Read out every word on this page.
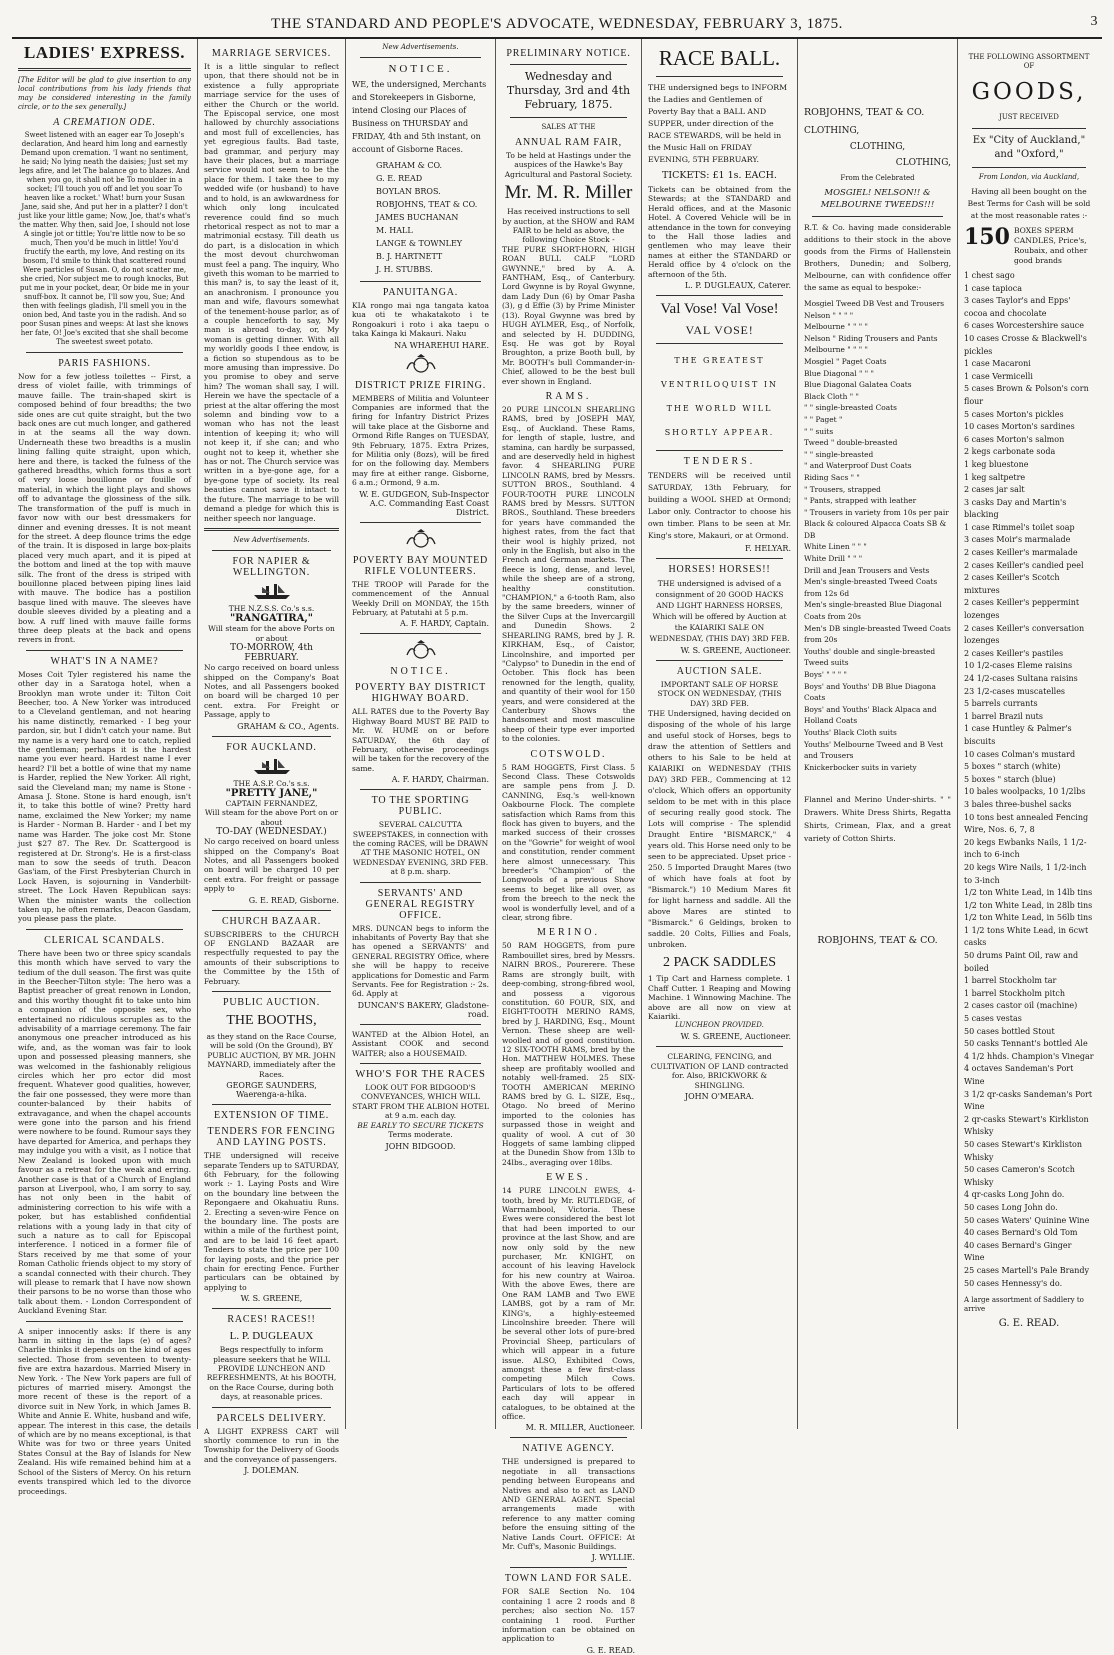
THE STANDARD AND PEOPLE'S ADVOCATE, WEDNESDAY, FEBRUARY 3, 1875.	3
LADIES' EXPRESS.
[The Editor will be glad to give insertion to any local contributions from his lady friends that may be considered interesting in the family circle, or to the sex generally.]
A CREMATION ODE.
Sweet listened with an eager ear To Joseph's declaration, And heard him long and earnestly Demand upon cremation. 'I want no sentiment, he said; No lying neath the daisies; Just set my legs afire, and let The balance go to blazes. And when you go, it shall not be To moulder in a socket; I'll touch you off and let you soar To heaven like a rocket.' What! burn your Susan Jane, said she, And put her in a platter? I don't just like your little game; Now, Joe, that's what's the matter. Why then, said Joe, I should not lose A single jot or tittle; You're little now to be so much, Then you'd be much in little! You'd fructify the earth, my love, And resting on its bosom, I'd smile to think that scattered round Were particles of Susan. O, do not scatter me, she cried, Nor subject me to rough knocks, But put me in your pocket, dear, Or bide me in your snuff-box. It cannot be, I'll sow you, Sue; And then with feelings gladish, I'll smell you in the onion bed, And taste you in the radish. And so poor Susan pines and weeps: At last she knows her fate, O! Joe's excited that she shall become The sweetest sweet potato.
PARIS FASHIONS.
Now for a few jotless toilettes -- First, a dress of violet faille, with trimmings of mauve faille. The train-shaped skirt is composed behind of four breadths; the two side ones are cut quite straight, but the two back ones are cut much longer, and gathered in at the seams all the way down. Underneath these two breadths is a muslin lining falling quite straight, upon which, here and there, is tacked the fulness of the gathered breadths, which forms thus a sort of very loose bouillonne or fouille of material, in which the light plays and shows off to advantage the glossiness of the silk. The transformation of the puff is much in favor now with our best dressmakers for dinner and evening dresses. It is not meant for the street. A deep flounce trims the edge of the train. It is disposed in large box-plaits placed very much apart, and it is piped at the bottom and lined at the top with mauve silk. The front of the dress is striped with bouillonne placed between piping lines laid with mauve. The bodice has a postilion basque lined with mauve. The sleeves have double sleeves divided by a pleating and a bow. A ruff lined with mauve faille forms three deep pleats at the back and opens revers in front.
WHAT'S IN A NAME?
Moses Coit Tyler registered his name the other day in a Saratoga hotel, when a Brooklyn man wrote under it: Tilton Coit Beecher, too. A New Yorker was introduced to a Cleveland gentleman, and not hearing his name distinctly, remarked - I beg your pardon, sir, but I didn't catch your name. But my name is a very hard one to catch, replied the gentleman; perhaps it is the hardest name you ever heard. Hardest name I ever heard? I'll bet a bottle of wine that my name is Harder, replied the New Yorker. All right, said the Cleveland man; my name is Stone - Amasa J. Stone. Stone is hard enough, isn't it, to take this bottle of wine? Pretty hard name, exclaimed the New Yorker; my name is Harder - Norman B. Harder - and I bet my name was Harder. The joke cost Mr. Stone just $27 87. The Rev. Dr. Scattergood is registered at Dr. Strong's. He is a first-class man to sow the seeds of truth. Deacon Gas'iam, of the First Presbyterian Church in Lock Haven, is sojourning in Vanderbilt-street. The Lock Haven Republican says: When the minister wants the collection taken up, he often remarks, Deacon Gasdam, you please pass the plate.
CLERICAL SCANDALS.
There have been two or three spicy scandals this month which have served to vary the tedium of the dull season. The first was quite in the Beecher-Tilton style: The hero was a Baptist preacher of great renown in London, and this worthy thought fit to take unto him a companion of the opposite sex, who entertained no ridiculous scruples as to the advisability of a marriage ceremony. The fair anonymous one preacher introduced as his wife, and, as the woman was fair to look upon and possessed pleasing manners, she was welcomed in the fashionably religious circles which her pro ector did most frequent. Whatever good qualities, however, the fair one possessed, they were more than counter-balanced by their habits of extravagance, and when the chapel accounts were gone into the parson and his friend were nowhere to be found. Rumour says they have departed for America, and perhaps they may indulge you with a visit, as I notice that New Zealand is looked upon with much favour as a retreat for the weak and erring. Another case is that of a Church of England parson at Liverpool, who, I am sorry to say, has not only been in the habit of administering correction to his wife with a poker, but has established confidential relations with a young lady in that city of such a nature as to call for Episcopal interference. I noticed in a former file of Stars received by me that some of your Roman Catholic friends object to my story of a scandal connected with their church. They will please to remark that I have now shown their parsons to be no worse than those who talk about them. - London Correspondent of Auckland Evening Star.
A sniper innocently asks: If there is any harm in sitting in the laps (e) of ages? Charlie thinks it depends on the kind of ages selected. Those from seventeen to twenty-five are extra hazardous. Married Misery in New York. - The New York papers are full of pictures of married misery. Amongst the more recent of these is the report of a divorce suit in New York, in which James B. White and Annie E. White, husband and wife, appear. The interest in this case, the details of which are by no means exceptional, is that White was for two or three years United States Consul at the Bay of Islands for New Zealand. His wife remained behind him at a School of the Sisters of Mercy. On his return events transpired which led to the divorce proceedings.
MARRIAGE SERVICES.
It is a little singular to reflect upon, that there should not be in existence a fully appropriate marriage service for the uses of either the Church or the world. The Episcopal service, one most hallowed by churchly associations and most full of excellencies, has yet egregious faults. Bad taste, bad grammar, and perjury may have their places, but a marriage service would not seem to be the place for them. I take thee to my wedded wife (or husband) to have and to hold, is an awkwardness for which only long inculcated reverence could find so much rhetorical respect as not to mar a matrimonial ecstasy. Till death us do part, is a dislocation in which the most devout churchwoman must feel a pang. The inquiry, Who giveth this woman to be married to this man? is, to say the least of it, an anachronism. I pronounce you man and wife, flavours somewhat of the tenement-house parlor, as of a couple henceforth to say, My man is abroad to-day, or, My woman is getting dinner. With all my worldly goods I thee endow, is a fiction so stupendous as to be more amusing than impressive. Do you promise to obey and serve him? The woman shall say, I will. Herein we have the spectacle of a priest at the altar offering the most solemn and binding vow to a woman who has not the least intention of keeping it; who will not keep it, if she can; and who ought not to keep it, whether she has or not. The Church service was written in a bye-gone age, for a bye-gone type of society. Its real beauties cannot save it intact to the future. The marriage to be will demand a pledge for which this is neither speech nor language.
New Advertisements.
FOR NAPIER & WELLINGTON.
THE N.Z.S.S. Co.'s s.s.
"RANGATIRA,"
Will steam for the above Ports on or about
TO-MORROW, 4th FEBRUARY.
No cargo received on board unless shipped on the Company's Boat Notes, and all Passengers booked on board will be charged 10 per cent. extra. For Freight or Passage, apply to
GRAHAM & CO., Agents.
FOR AUCKLAND.
THE A.S.P. Co.'s s.s.
"PRETTY JANE,"
CAPTAIN FERNANDEZ,
Will steam for the above Port on or about
TO-DAY (WEDNESDAY.)
No cargo received on board unless shipped on the Company's Boat Notes, and all Passengers booked on board will be charged 10 per cent extra. For freight or passage apply to
G. E. READ, Gisborne.
CHURCH BAZAAR.
SUBSCRIBERS to the CHURCH OF ENGLAND BAZAAR are respectfully requested to pay the amounts of their subscriptions to the Committee by the 15th of February.
PUBLIC AUCTION.
THE BOOTHS,
as they stand on the Race Course, will be sold (On the Ground), BY PUBLIC AUCTION, BY MR. JOHN MAYNARD, immediately after the Races.
GEORGE SAUNDERS, Waerenga-a-hika.
EXTENSION OF TIME.
TENDERS FOR FENCING AND LAYING POSTS.
THE undersigned will receive separate Tenders up to SATURDAY, 6th February, for the following work :- 1. Laying Posts and Wire on the boundary line between the Repongaere and Okahuatiu Runs. 2. Erecting a seven-wire Fence on the boundary line. The posts are within a mile of the furthest point, and are to be laid 16 feet apart. Tenders to state the price per 100 for laying posts, and the price per chain for erecting Fence. Further particulars can be obtained by applying to
W. S. GREENE,
RACES! RACES!!
L. P. DUGLEAUX
Begs respectfully to inform pleasure seekers that he WILL PROVIDE LUNCHEON AND REFRESHMENTS, At his BOOTH, on the Race Course, during both days, at reasonable prices.
PARCELS DELIVERY.
A LIGHT EXPRESS CART will shortly commence to run in the Township for the Delivery of Goods and the conveyance of passengers.
J. DOLEMAN.
New Advertisements.
NOTICE.
WE, the undersigned, Merchants and Storekeepers in Gisborne, intend Closing our Places of Business on THURSDAY and FRIDAY, 4th and 5th instant, on account of Gisborne Races.
GRAHAM & CO.
G. E. READ
BOYLAN BROS.
ROBJOHNS, TEAT & CO.
JAMES BUCHANAN
M. HALL
LANGE & TOWNLEY
B. J. HARTNETT
J. H. STUBBS.
PANUITANGA.
KIA rongo mai nga tangata katoa kua oti te whakatakoto i te Rongoakuri i roto i aka taepu o taka Kainga ki Makauri. Naku
NA WHAREHUI HARE.
DISTRICT PRIZE FIRING.
MEMBERS of Militia and Volunteer Companies are informed that the firing for Infantry District Prizes will take place at the Gisborne and Ormond Rifle Ranges on TUESDAY, 9th February, 1875. Extra Prizes, for Militia only (8ozs), will be fired for on the following day. Members may fire at either range. Gisborne, 6 a.m.; Ormond, 9 a.m.
W. E. GUDGEON, Sub-Inspector A.C. Commanding East Coast District.
POVERTY BAY MOUNTED RIFLE VOLUNTEERS.
THE TROOP will Parade for the commencement of the Annual Weekly Drill on MONDAY, the 15th February, at Patutahi at 5 p.m.
A. F. HARDY, Captain.
NOTICE.
POVERTY BAY DISTRICT HIGHWAY BOARD.
ALL RATES due to the Poverty Bay Highway Board MUST BE PAID to Mr. W. HUME on or before SATURDAY, the 6th day of February, otherwise proceedings will be taken for the recovery of the same.
A. F. HARDY, Chairman.
TO THE SPORTING PUBLIC.
SEVERAL CALCUTTA SWEEPSTAKES, in connection with the coming RACES, will be DRAWN AT THE MASONIC HOTEL, ON WEDNESDAY EVENING, 3RD FEB. at 8 p.m. sharp.
SERVANTS' AND GENERAL REGISTRY OFFICE.
MRS. DUNCAN begs to inform the inhabitants of Poverty Bay that she has opened a SERVANTS' and GENERAL REGISTRY Office, where she will be happy to receive applications for Domestic and Farm Servants. Fee for Registration :- 2s. 6d. Apply at
DUNCAN'S BAKERY, Gladstone-road.
WANTED at the Albion Hotel, an Assistant COOK and second WAITER; also a HOUSEMAID.
WHO'S FOR THE RACES
LOOK OUT FOR BIDGOOD'S CONVEYANCES, WHICH WILL START FROM THE ALBION HOTEL at 9 a.m. each day.
BE EARLY TO SECURE TICKETS
Terms moderate.
JOHN BIDGOOD.
PRELIMINARY NOTICE.
Wednesday and Thursday, 3rd and 4th February, 1875.
SALES AT THE
ANNUAL RAM FAIR,
To be held at Hastings under the auspices of the Hawke's Bay Agricultural and Pastoral Society.
Mr. M. R. Miller
Has received instructions to sell by auction, at the SHOW and RAM FAIR to be held as above, the following Choice Stock -
THE PURE SHORT-HORN, HIGH ROAN BULL CALF "LORD GWYNNE," bred by A. A. FANTHAM, Esq., of Canterbury. Lord Gwynne is by Royal Gwynne, dam Lady Dun (6) by Omar Pasha (3), g d Effie (3) by Prime Minister (13). Royal Gwynne was bred by HUGH AYLMER, Esq., of Norfolk, and selected by H. DUDDING, Esq. He was got by Royal Broughton, a prize Booth bull, by Mr. BOOTH's bull Commander-in-Chief, allowed to be the best bull ever shown in England.
RAMS.
20 PURE LINCOLN SHEARLING RAMS, bred by JOSEPH MAY, Esq., of Auckland. These Rams, for length of staple, lustre, and stamina, can hardly be surpassed, and are deservedly held in highest favor. 4 SHEARLING PURE LINCOLN RAMS, bred by Messrs. SUTTON BROS., Southland. 4 FOUR-TOOTH PURE LINCOLN RAMS bred by Messrs. SUTTON BROS., Southland. These breeders for years have commanded the highest rates, from the fact that their wool is highly prized, not only in the English, but also in the French and German markets. The fleece is long, dense, and level, while the sheep are of a strong, healthy constitution. "CHAMPION," a 6-tooth Ram, also by the same breeders, winner of the Silver Cups at the Invercargill and Dunedin Shows. 2 SHEARLING RAMS, bred by J. R. KIRKHAM, Esq., of Caistor, Lincolnshire, and imported per "Calypso" to Dunedin in the end of October. This flock has been renowned for the length, quality, and quantity of their wool for 150 years, and were considered at the Canterbury Shows the handsomest and most masculine sheep of their type ever imported to the colonies.
COTSWOLD.
5 RAM HOGGETS, First Class. 5 Second Class. These Cotswolds are sample pens from J. D. CANNING, Esq.'s well-known Oakbourne Flock. The complete satisfaction which Rams from this flock has given to buyers, and the marked success of their crosses on the "Gowrie" for weight of wool and constitution, render comment here almost unnecessary. This breeder's "Champion" of the Longwools of a previous Show seems to beget like all over, as from the breech to the neck the wool is wonderfully level, and of a clear, strong fibre.
MERINO.
50 RAM HOGGETS, from pure Rambouillet sires, bred by Messrs. NAIRN BROS., Pourerere. These Rams are strongly built, with deep-combing, strong-fibred wool, and possess a vigorous constitution. 60 FOUR, SIX, and EIGHT-TOOTH MERINO RAMS, bred by J. HARDING, Esq., Mount Vernon. These sheep are well-woolled and of good constitution. 12 SIX-TOOTH RAMS, bred by the Hon. MATTHEW HOLMES. These sheep are profitably woolled and notably well-framed. 25 SIX-TOOTH AMERICAN MERINO RAMS bred by G. L. SIZE, Esq., Otago. No breed of Merino imported to the colonies has surpassed those in weight and quality of wool. A cut of 30 Hoggets of same lambing clipped at the Dunedin Show from 13lb to 24lbs., averaging over 18lbs.
EWES.
14 PURE LINCOLN EWES, 4-tooth, bred by Mr. RUTLEDGE, of Warrnambool, Victoria. These Ewes were considered the best lot that had been imported to our province at the last Show, and are now only sold by the new purchaser, Mr. KNIGHT, on account of his leaving Havelock for his new country at Wairoa. With the above Ewes, there are One RAM LAMB and Two EWE LAMBS, got by a ram of Mr. KING's, a highly-esteemed Lincolnshire breeder. There will be several other lots of pure-bred Provincial Sheep, particulars of which will appear in a future issue. ALSO, Exhibited Cows, amongst these a few first-class competing Milch Cows. Particulars of lots to be offered each day will appear in catalogues, to be obtained at the office.
M. R. MILLER, Auctioneer.
NATIVE AGENCY.
THE undersigned is prepared to negotiate in all transactions pending between Europeans and Natives and also to act as LAND AND GENERAL AGENT. Special arrangements made with reference to any matter coming before the ensuing sitting of the Native Lands Court. OFFICE: At Mr. Cuff's, Masonic Buildings.
J. WYLLIE.
TOWN LAND FOR SALE.
FOR SALE Section No. 104 containing 1 acre 2 roods and 8 perches; also section No. 157 containing 1 rood. Further information can be obtained on application to
G. E. READ.
RACE BALL.
THE undersigned begs to INFORM the Ladies and Gentlemen of Poverty Bay that a BALL AND SUPPER, under direction of the RACE STEWARDS, will be held in the Music Hall on FRIDAY EVENING, 5TH FEBRUARY.
TICKETS: £1 1s. EACH.
Tickets can be obtained from the Stewards; at the STANDARD and Herald offices, and at the Masonic Hotel. A Covered Vehicle will be in attendance in the town for conveying to the Hall those ladies and gentlemen who may leave their names at either the STANDARD or Herald office by 4 o'clock on the afternoon of the 5th.
L. P. DUGLEAUX, Caterer.
Val Vose! Val Vose!
VAL VOSE!
THE GREATEST VENTRILOQUIST IN THE WORLD WILL SHORTLY APPEAR.
TENDERS.
TENDERS will be received until SATURDAY, 13th February, for building a WOOL SHED at Ormond; Labor only. Contractor to choose his own timber. Plans to be seen at Mr. King's store, Makauri, or at Ormond.
F. HELYAR.
HORSES! HORSES!!
THE undersigned is advised of a consignment of 20 GOOD HACKS AND LIGHT HARNESS HORSES, Which will be offered by Auction at the KAIARIKI SALE ON WEDNESDAY, (THIS DAY) 3RD FEB.
W. S. GREENE, Auctioneer.
AUCTION SALE.
IMPORTANT SALE OF HORSE STOCK ON WEDNESDAY, (THIS DAY) 3RD FEB.
THE Undersigned, having decided on disposing of the whole of his large and useful stock of Horses, begs to draw the attention of Settlers and others to his Sale to be held at KAIARIKI on WEDNESDAY (THIS DAY) 3RD FEB., Commencing at 12 o'clock, Which offers an opportunity seldom to be met with in this place of securing really good stock. The Lots will comprise - The splendid Draught Entire "BISMARCK," 4 years old. This Horse need only to be seen to be appreciated. Upset price - 250. 5 Imported Draught Mares (two of which have foals at foot by "Bismarck.") 10 Medium Mares fit for light harness and saddle. All the above Mares are stinted to "Bismarck." 6 Geldings, broken to saddle. 20 Colts, Fillies and Foals, unbroken.
2 PACK SADDLES
1 Tip Cart and Harness complete. 1 Chaff Cutter. 1 Reaping and Mowing Machine. 1 Winnowing Machine. The above are all now on view at Kaiariki.
LUNCHEON PROVIDED.
W. S. GREENE, Auctioneer.
CLEARING, FENCING, and CULTIVATION OF LAND contracted for. Also, BRICKWORK & SHINGLING.
JOHN O'MEARA.
ROBJOHNS, TEAT & CO.
CLOTHING,
CLOTHING,
CLOTHING,
From the Celebrated
MOSGIEL! NELSON!! & MELBOURNE TWEEDS!!!
R.T. & Co. having made considerable additions to their stock in the above goods from the Firms of Hallenstein Brothers, Dunedin; and Solberg, Melbourne, can with confidence offer the same as equal to bespoke:-
Mosgiel Tweed DB Vest and Trousers
Nelson " " " "
Melbourne " " " "
Nelson " Riding Trousers and Pants
Melbourne " " " "
Mosgiel " Paget Coats
Blue Diagonal " " "
Blue Diagonal Galatea Coats
Black Cloth " "
" " single-breasted Coats
" " Paget "
" " suits
Tweed " double-breasted
" " single-breasted
" and Waterproof Dust Coats
Riding Sacs " "
" Trousers, strapped
" Pants, strapped with leather
" Trousers in variety from 10s per pair
Black & coloured Alpacca Coats SB & DB
White Linen " " "
White Drill " " "
Drill and Jean Trousers and Vests
Men's single-breasted Tweed Coats from 12s 6d
Men's single-breasted Blue Diagonal Coats from 20s
Men's DB single-breasted Tweed Coats from 20s
Youths' double and single-breasted Tweed suits
Boys' " " " "
Boys' and Youths' DB Blue Diagona Coats
Boys' and Youths' Black Alpaca and Holland Coats
Youths' Black Cloth suits
Youths' Melbourne Tweed and B Vest and Trousers
Knickerbocker suits in variety
Flannel and Merino Under-shirts. " " Drawers. White Dress Shirts, Regatta Shirts, Crimean, Flax, and a great variety of Cotton Shirts.
ROBJOHNS, TEAT & CO.
THE FOLLOWING ASSORTMENT OF
GOODS,
JUST RECEIVED
Ex "City of Auckland," and "Oxford,"
From London, via Auckland,
Having all been bought on the Best Terms for Cash will be sold at the most reasonable rates :-
150 BOXES SPERM CANDLES, Price's, Roubaix, and other good brands
1 chest sago
1 case tapioca
3 cases Taylor's and Epps' cocoa and chocolate
6 cases Worcestershire sauce
10 cases Crosse & Blackwell's pickles
1 case Macaroni
1 case Vermicelli
5 cases Brown & Polson's corn flour
5 cases Morton's pickles
10 cases Morton's sardines
6 cases Morton's salmon
2 kegs carbonate soda
1 keg bluestone
1 keg saltpetre
2 cases jar salt
3 casks Day and Martin's blacking
1 case Rimmel's toilet soap
3 cases Moir's marmalade
2 cases Keiller's marmalade
2 cases Keiller's candied peel
2 cases Keiller's Scotch mixtures
2 cases Keiller's peppermint lozenges
2 cases Keiller's conversation lozenges
2 cases Keiller's pastiles
10 1/2-cases Eleme raisins
24 1/2-cases Sultana raisins
23 1/2-cases muscatelles
5 barrels currants
1 barrel Brazil nuts
1 case Huntley & Palmer's biscuits
10 cases Colman's mustard
5 boxes " starch (white)
5 boxes " starch (blue)
10 bales woolpacks, 10 1/2lbs
3 bales three-bushel sacks
10 tons best annealed Fencing Wire, Nos. 6, 7, 8
20 kegs Ewbanks Nails, 1 1/2-inch to 6-inch
20 kegs Wire Nails, 1 1/2-inch to 3-inch
1/2 ton White Lead, in 14lb tins
1/2 ton White Lead, in 28lb tins
1/2 ton White Lead, in 56lb tins
1 1/2 tons White Lead, in 6cwt casks
50 drums Paint Oil, raw and boiled
1 barrel Stockholm tar
1 barrel Stockholm pitch
2 cases castor oil (machine)
5 cases vestas
50 cases bottled Stout
50 casks Tennant's bottled Ale
4 1/2 hhds. Champion's Vinegar
4 octaves Sandeman's Port Wine
3 1/2 qr-casks Sandeman's Port Wine
2 qr-casks Stewart's Kirkliston Whisky
50 cases Stewart's Kirkliston Whisky
50 cases Cameron's Scotch Whisky
4 qr-casks Long John do.
50 cases Long John do.
50 cases Waters' Quinine Wine
40 cases Bernard's Old Tom
40 cases Bernard's Ginger Wine
25 cases Martell's Pale Brandy
50 cases Hennessy's do.
A large assortment of Saddlery to arrive
G. E. READ.
